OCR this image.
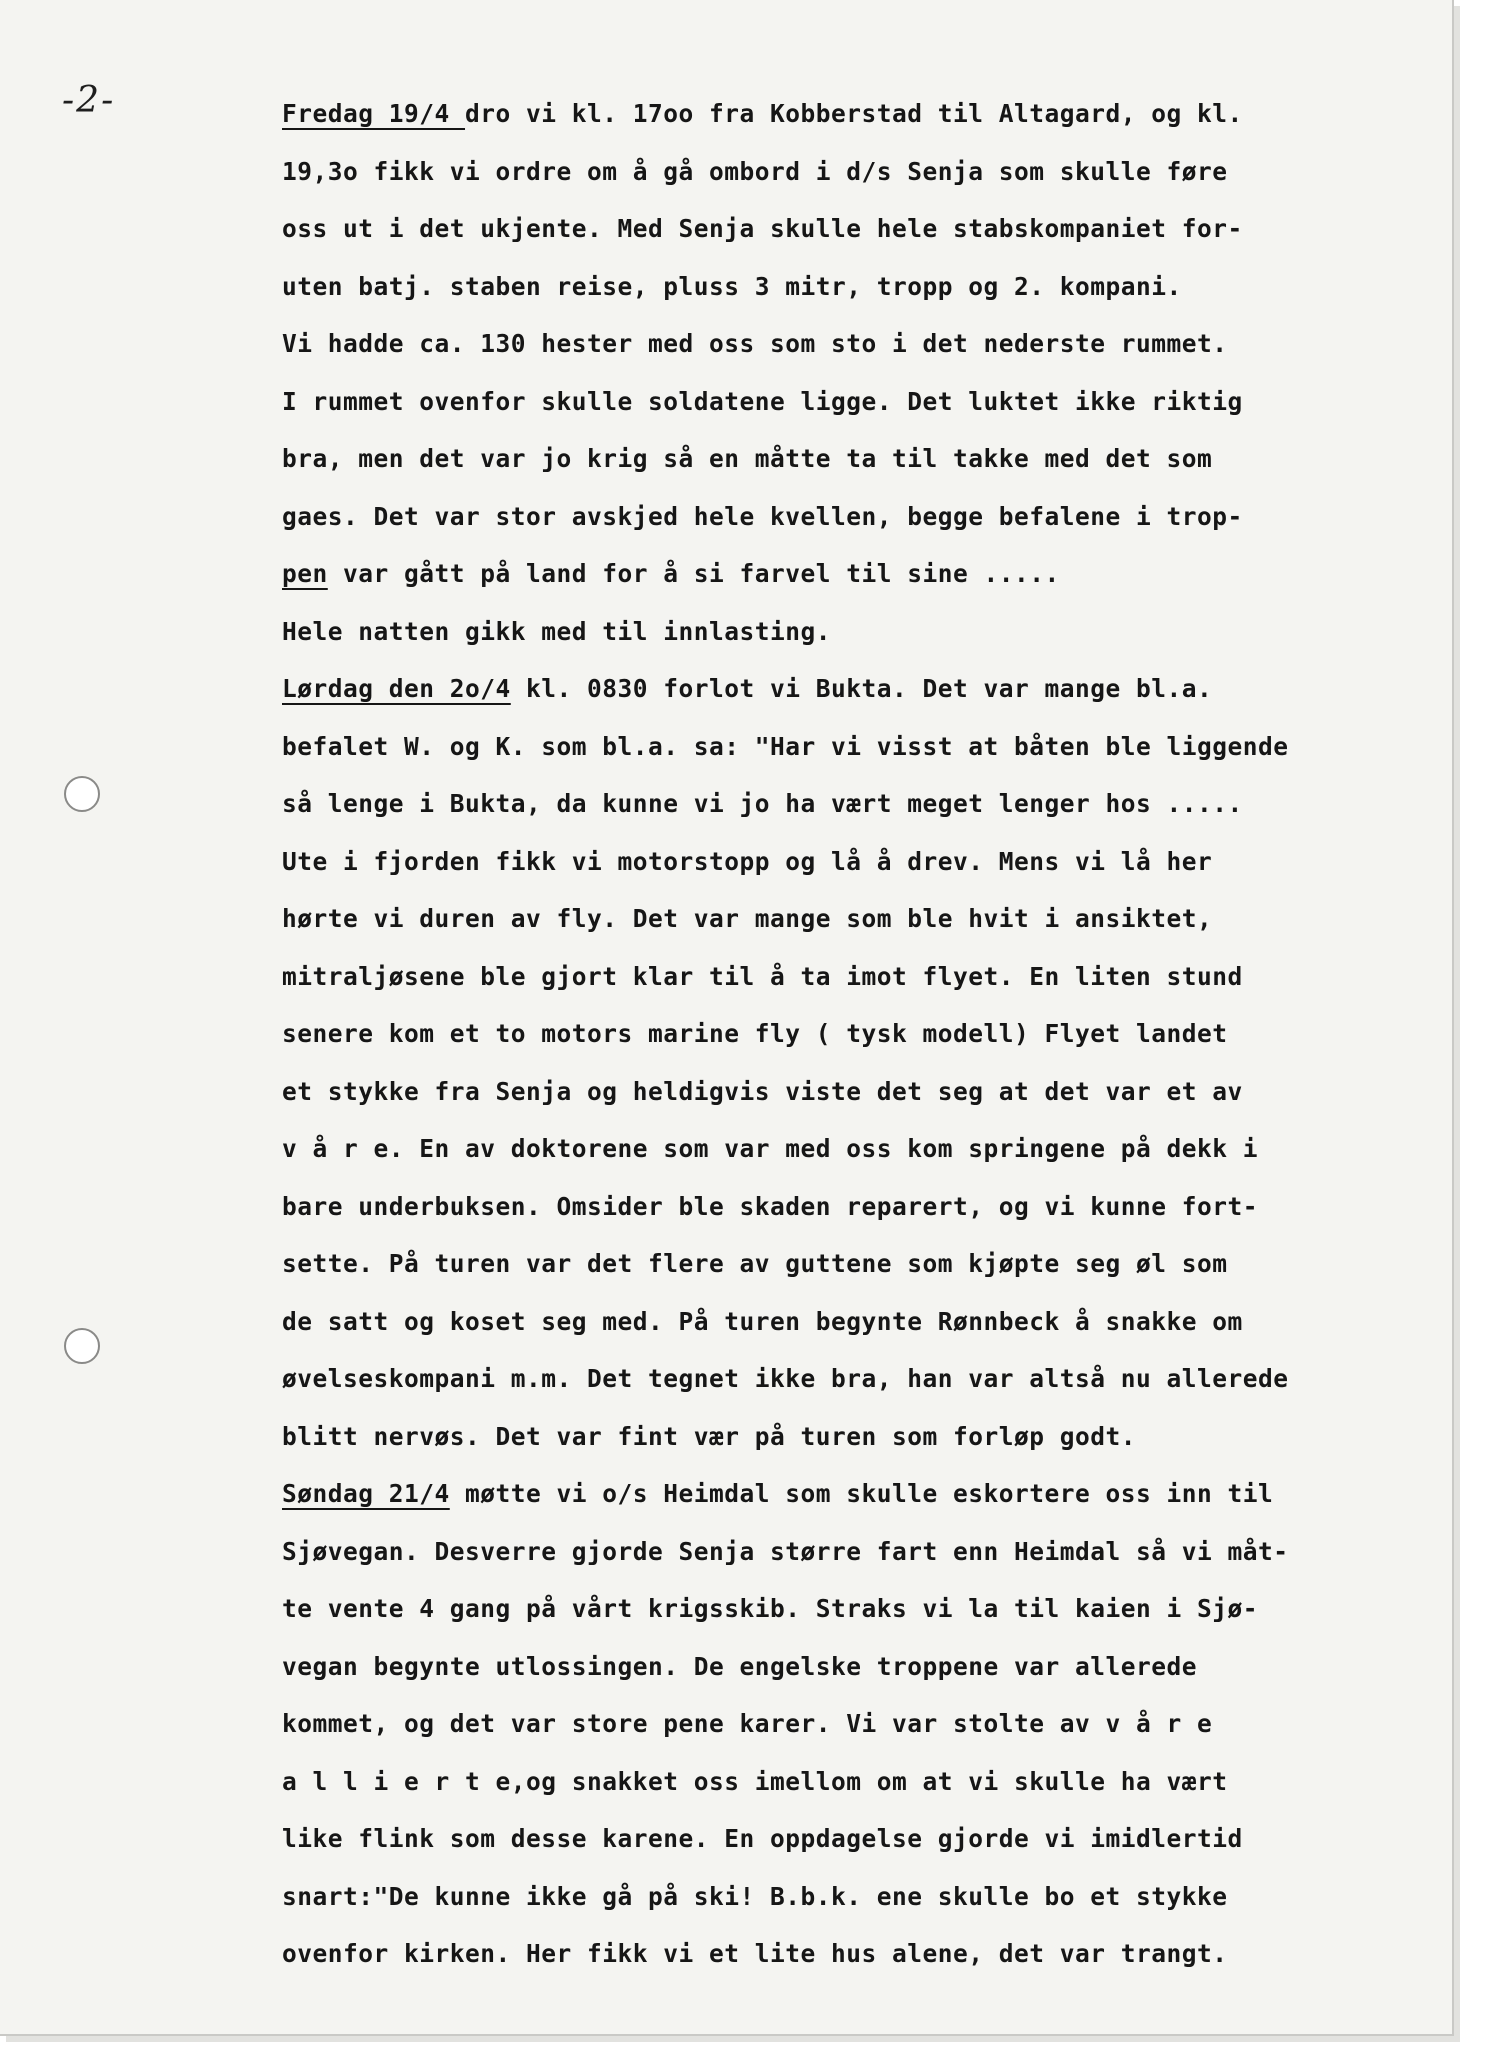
-2-	Fredag 19/4 dro vi kl. 17oo fra Kobberstad til Altagard, og kl.
19,3o fikk vi ordre om å gå ombord i d/s Senja som skulle føre
oss ut i det ukjente. Med Senja skulle hele stabskompaniet for-
uten batj. staben reise, pluss 3 mitr, tropp og 2. kompani.
Vi hadde ca. 130 hester med oss som sto i det nederste rummet.
I rummet ovenfor skulle soldatene ligge. Det luktet ikke riktig
bra, men det var jo krig så en måtte ta til takke med det som
gaes. Det var stor avskjed hele kvellen, begge befalene i trop-
pen var gått på land for å si farvel til sine .....
Hele natten gikk med til innlasting.
Lørdag den 2o/4 kl. 0830 forlot vi Bukta. Det var mange bl.a.
befalet W. og K. som bl.a. sa: "Har vi visst at båten ble liggende
så lenge i Bukta, da kunne vi jo ha vært meget lenger hos .....
Ute i fjorden fikk vi motorstopp og lå å drev. Mens vi lå her
hørte vi duren av fly. Det var mange som ble hvit i ansiktet,
mitraljøsene ble gjort klar til å ta imot flyet. En liten stund
senere kom et to motors marine fly ( tysk modell) Flyet landet
et stykke fra Senja og heldigvis viste det seg at det var et av
v å r e. En av doktorene som var med oss kom springene på dekk i
bare underbuksen. Omsider ble skaden reparert, og vi kunne fort-
sette. På turen var det flere av guttene som kjøpte seg øl som
de satt og koset seg med. På turen begynte Rønnbeck å snakke om
øvelseskompani m.m. Det tegnet ikke bra, han var altså nu allerede
blitt nervøs. Det var fint vær på turen som forløp godt.
Søndag 21/4 møtte vi o/s Heimdal som skulle eskortere oss inn til
Sjøvegan. Desverre gjorde Senja større fart enn Heimdal så vi måt-
te vente 4 gang på vårt krigsskib. Straks vi la til kaien i Sjø-
vegan begynte utlossingen. De engelske troppene var allerede
kommet, og det var store pene karer. Vi var stolte av v å r e
a l l i e r t e,og snakket oss imellom om at vi skulle ha vært
like flink som desse karene. En oppdagelse gjorde vi imidlertid
snart:"De kunne ikke gå på ski! B.b.k. ene skulle bo et stykke
ovenfor kirken. Her fikk vi et lite hus alene, det var trangt.
